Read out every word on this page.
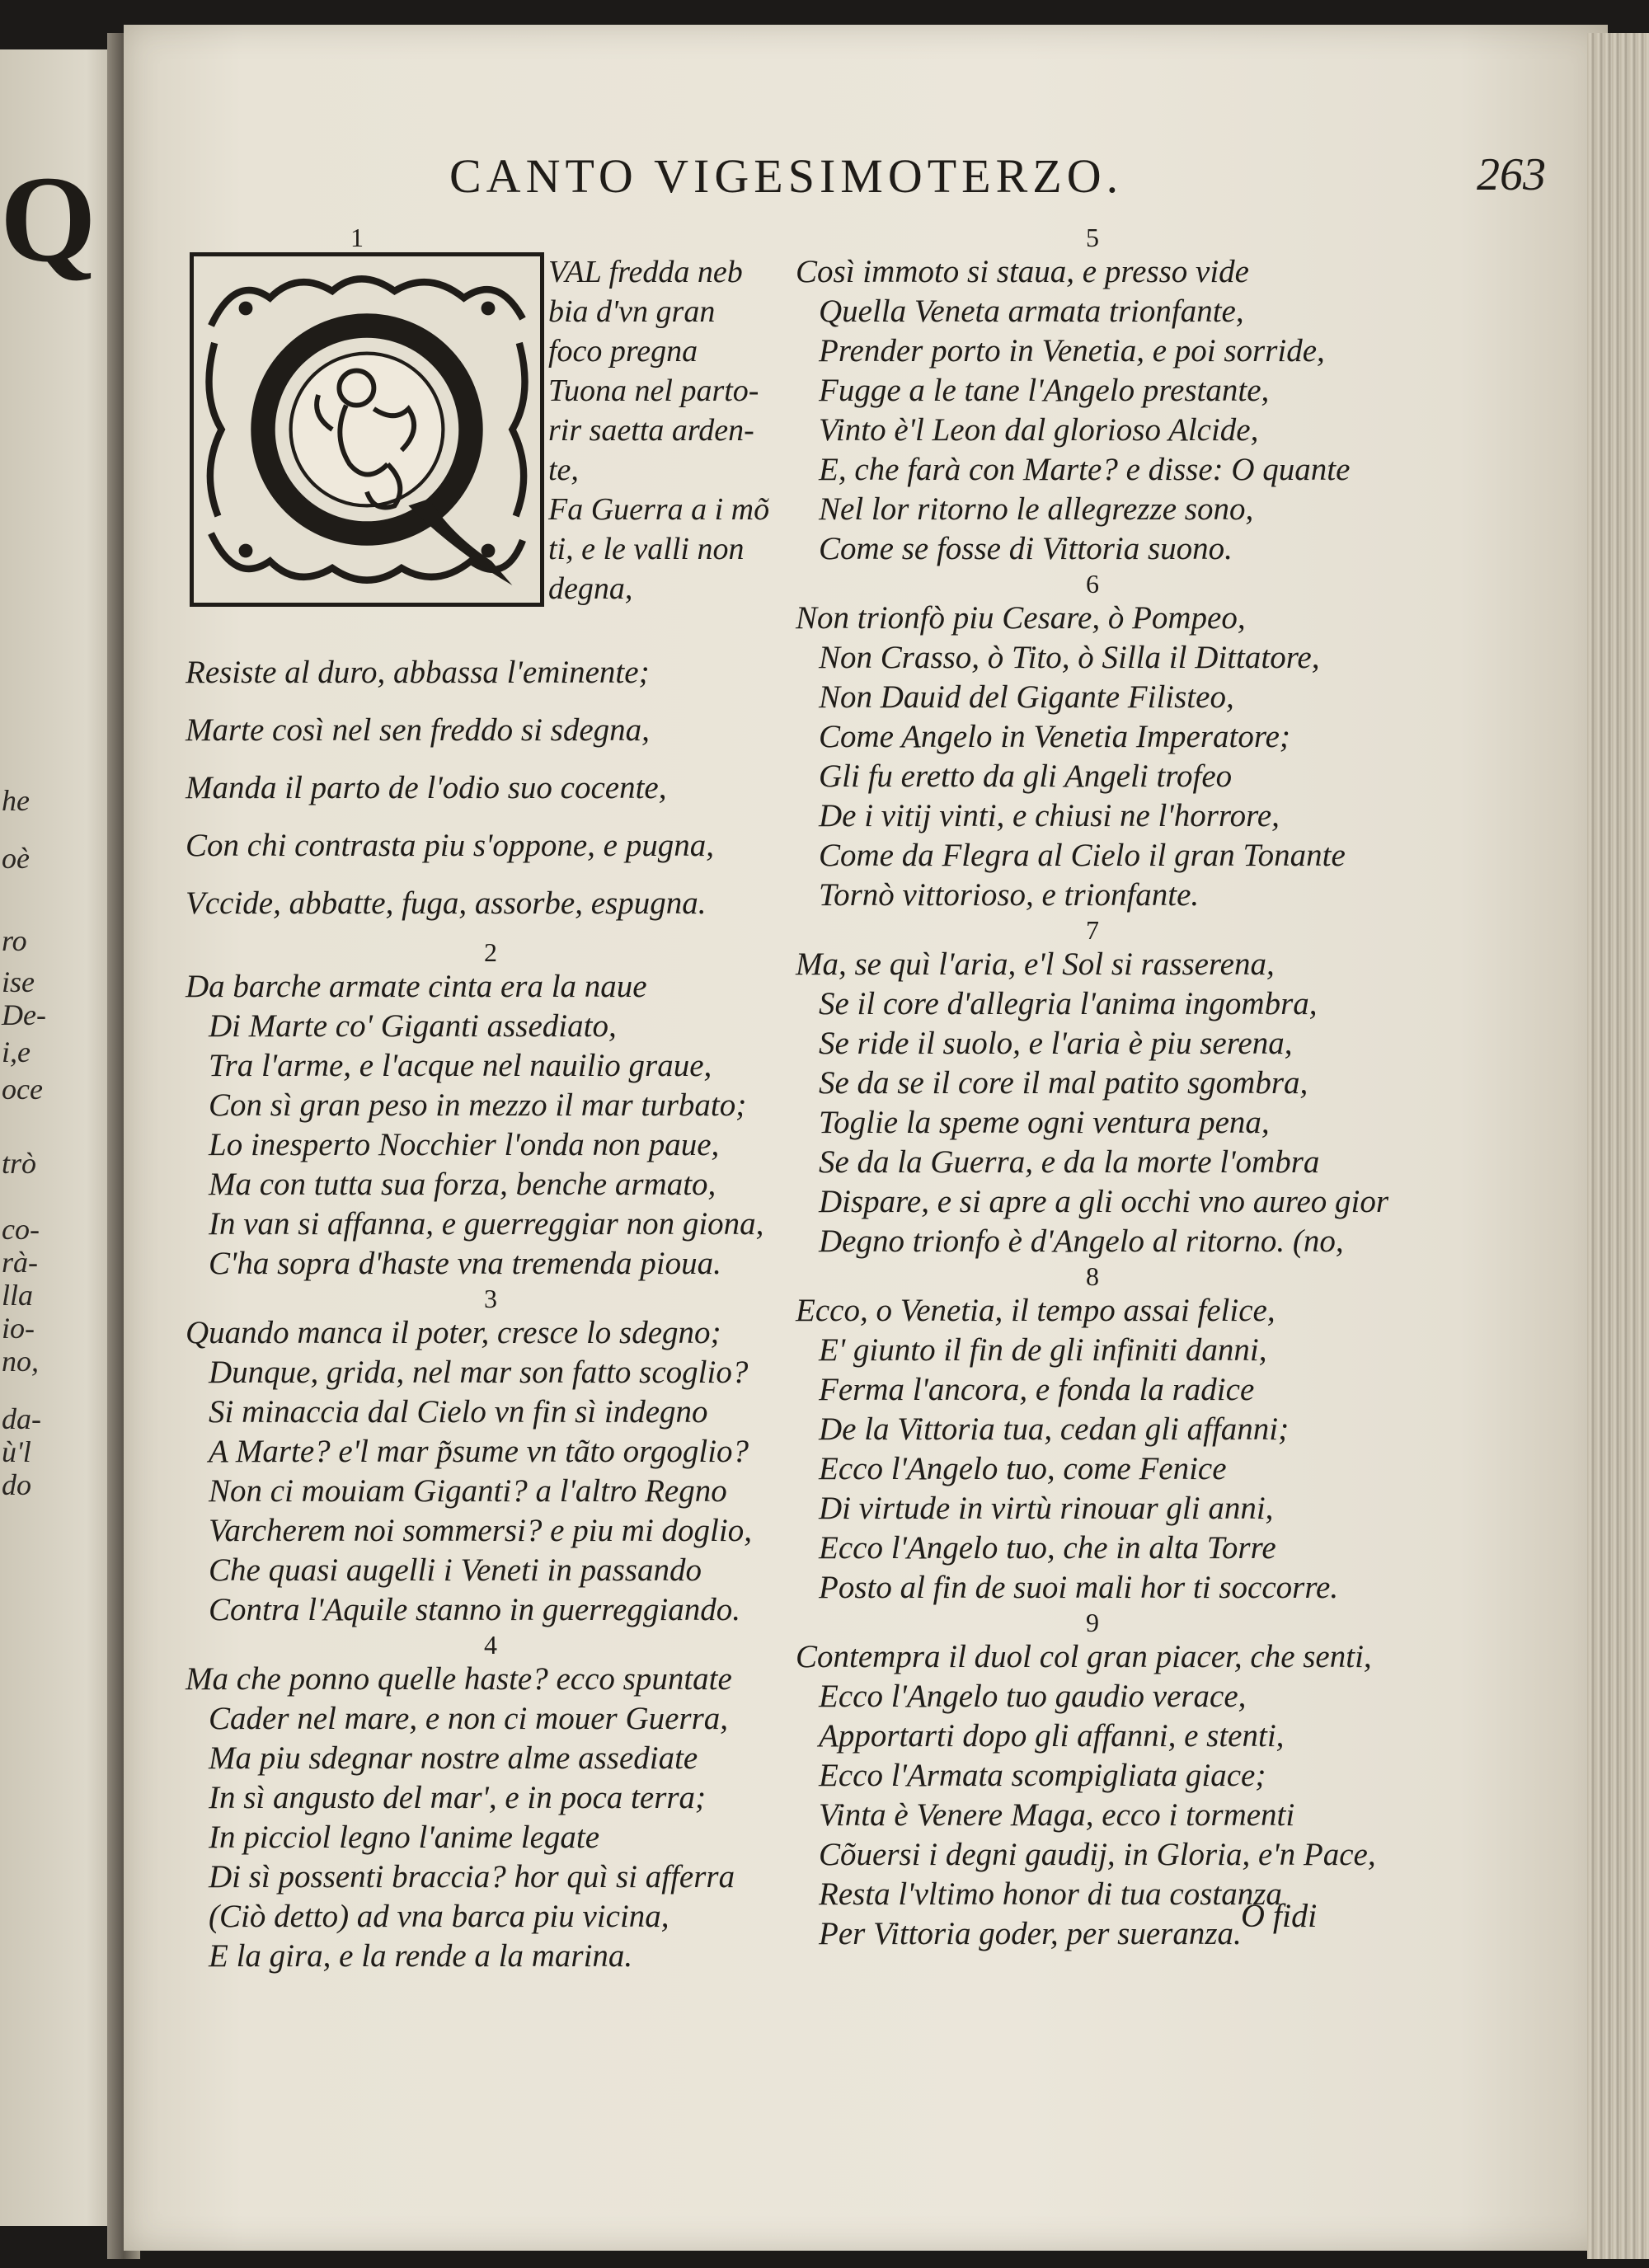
Q
he
oè
ro
ise
De-
i,e
oce
trò
co-
rà-
lla
io-
no,
da-
ù'l
do
CANTO VIGESIMOTERZO.	263
1
VAL fredda neb
bia d'vn gran
foco pregna
Tuona nel parto-
rir saetta arden-
te,
Fa Guerra a i mõ
ti, e le valli non
degna,
Resiste al duro, abbassa l'eminente;
Marte così nel sen freddo si sdegna,
Manda il parto de l'odio suo cocente,
Con chi contrasta piu s'oppone, e pugna,
Vccide, abbatte, fuga, assorbe, espugna.
2
Da barche armate cinta era la naue
Di Marte co' Giganti assediato,
Tra l'arme, e l'acque nel nauilio graue,
Con sì gran peso in mezzo il mar turbato;
Lo inesperto Nocchier l'onda non paue,
Ma con tutta sua forza, benche armato,
In van si affanna, e guerreggiar non giona,
C'ha sopra d'haste vna tremenda pioua.
3
Quando manca il poter, cresce lo sdegno;
Dunque, grida, nel mar son fatto scoglio?
Si minaccia dal Cielo vn fin sì indegno
A Marte? e'l mar p̃sume vn tãto orgoglio?
Non ci mouiam Giganti? a l'altro Regno
Varcherem noi sommersi? e piu mi doglio,
Che quasi augelli i Veneti in passando
Contra l'Aquile stanno in guerreggiando.
4
Ma che ponno quelle haste? ecco spuntate
Cader nel mare, e non ci mouer Guerra,
Ma piu sdegnar nostre alme assediate
In sì angusto del mar', e in poca terra;
In picciol legno l'anime legate
Di sì possenti braccia? hor quì si afferra
(Ciò detto) ad vna barca piu vicina,
E la gira, e la rende a la marina.
5
Così immoto si staua, e presso vide
Quella Veneta armata trionfante,
Prender porto in Venetia, e poi sorride,
Fugge a le tane l'Angelo prestante,
Vinto è'l Leon dal glorioso Alcide,
E, che farà con Marte? e disse: O quante
Nel lor ritorno le allegrezze sono,
Come se fosse di Vittoria suono.
6
Non trionfò piu Cesare, ò Pompeo,
Non Crasso, ò Tito, ò Silla il Dittatore,
Non Dauid del Gigante Filisteo,
Come Angelo in Venetia Imperatore;
Gli fu eretto da gli Angeli trofeo
De i vitij vinti, e chiusi ne l'horrore,
Come da Flegra al Cielo il gran Tonante
Tornò vittorioso, e trionfante.
7
Ma, se quì l'aria, e'l Sol si rasserena,
Se il core d'allegria l'anima ingombra,
Se ride il suolo, e l'aria è piu serena,
Se da se il core il mal patito sgombra,
Toglie la speme ogni ventura pena,
Se da la Guerra, e da la morte l'ombra
Dispare, e si apre a gli occhi vno aureo gior
Degno trionfo è d'Angelo al ritorno. (no,
8
Ecco, o Venetia, il tempo assai felice,
E' giunto il fin de gli infiniti danni,
Ferma l'ancora, e fonda la radice
De la Vittoria tua, cedan gli affanni;
Ecco l'Angelo tuo, come Fenice
Di virtude in virtù rinouar gli anni,
Ecco l'Angelo tuo, che in alta Torre
Posto al fin de suoi mali hor ti soccorre.
9
Contempra il duol col gran piacer, che senti,
Ecco l'Angelo tuo gaudio verace,
Apportarti dopo gli affanni, e stenti,
Ecco l'Armata scompigliata giace;
Vinta è Venere Maga, ecco i tormenti
Cõuersi i degni gaudij, in Gloria, e'n Pace,
Resta l'vltimo honor di tua costanza
Per Vittoria goder, per sueranza. O fidi
